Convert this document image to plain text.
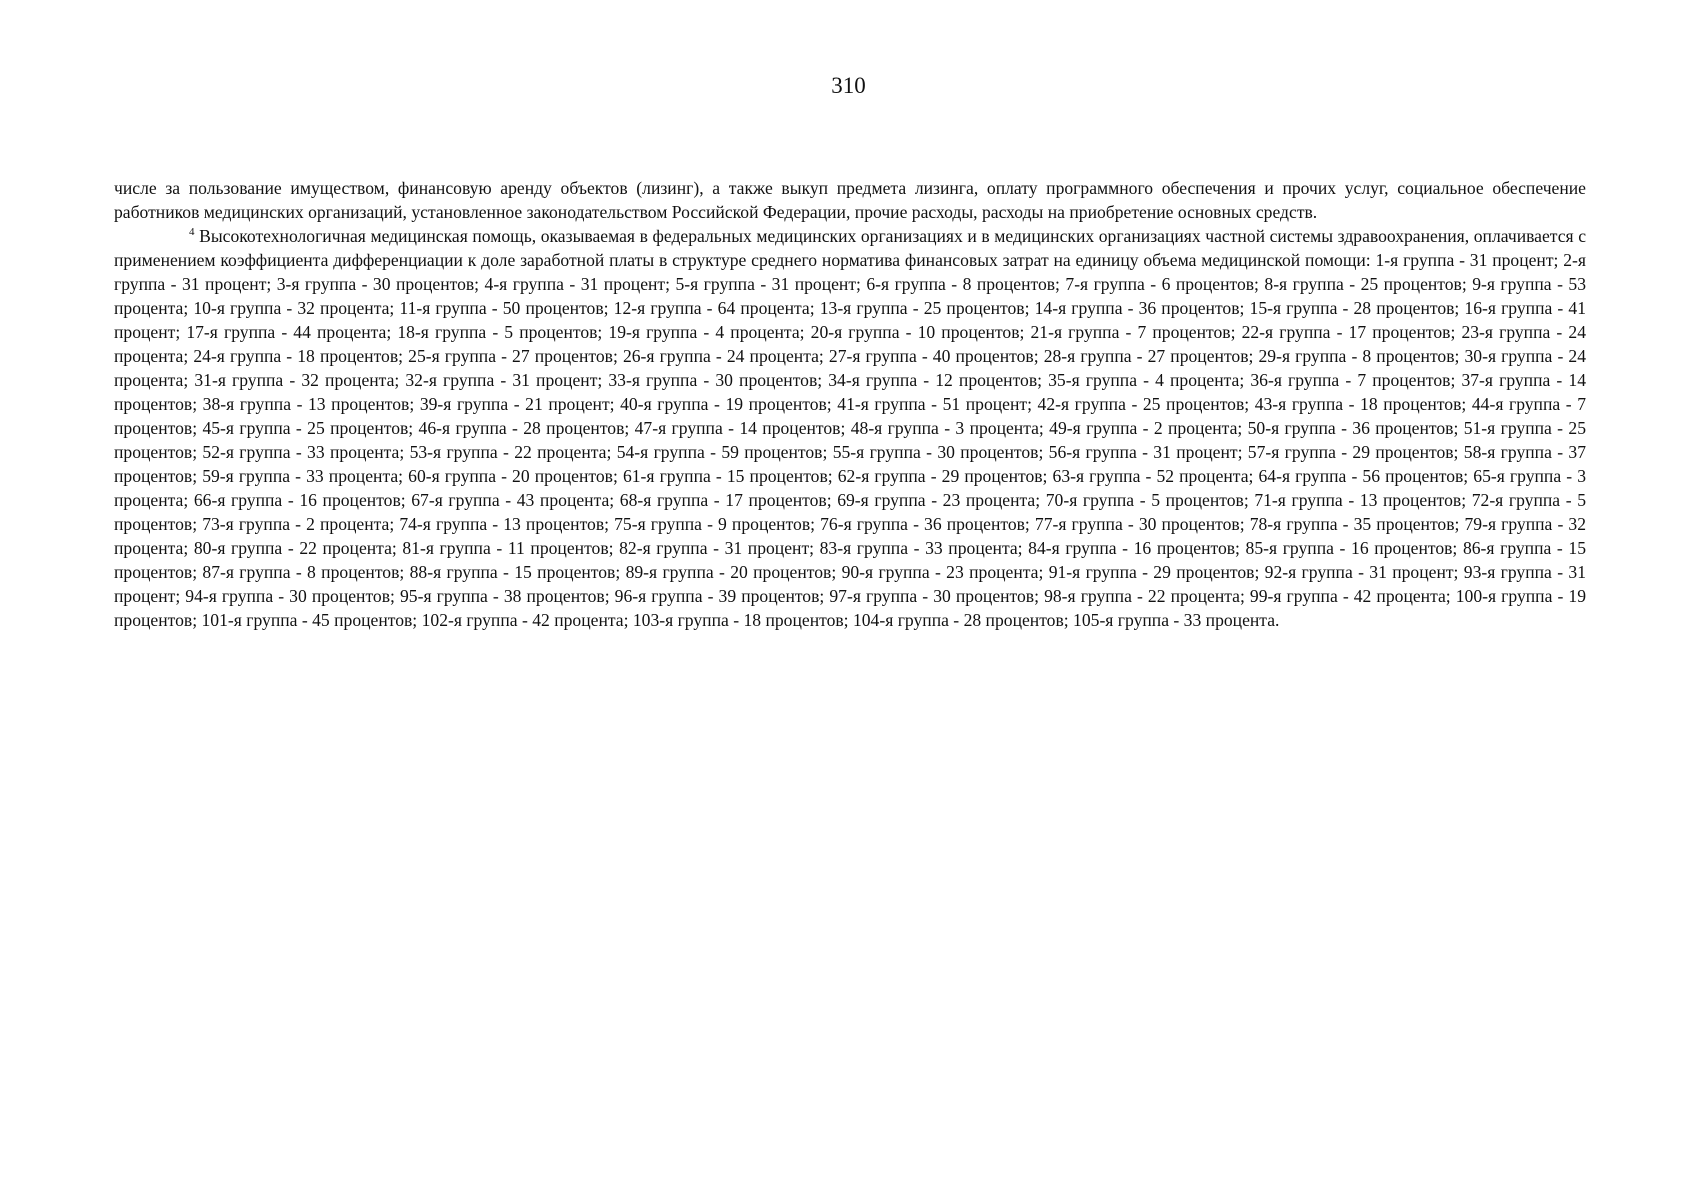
310

числе за пользование имуществом, финансовую аренду объектов (лизинг), а также выкуп предмета лизинга, оплату программного обеспечения и прочих услуг, социальное обеспечение работников медицинских организаций, установленное законодательством Российской Федерации, прочие расходы, расходы на приобретение основных средств.

$^4$ Высокотехнологичная медицинская помощь, оказываемая в федеральных медицинских организациях и в медицинских организациях частной системы здравоохранения, оплачивается с применением коэффициента дифференциации к доле заработной платы в структуре среднего норматива финансовых затрат на единицу объема медицинской помощи: 1-я группа - 31 процент; 2-я группа - 31 процент; 3-я группа - 30 процентов; 4-я группа - 31 процент; 5-я группа - 31 процент; 6-я группа - 8 процентов; 7-я группа - 6 процентов; 8-я группа - 25 процентов; 9-я группа - 53 процента; 10-я группа - 32 процента; 11-я группа - 50 процентов; 12-я группа - 64 процента; 13-я группа - 25 процентов; 14-я группа - 36 процентов; 15-я группа - 28 процентов; 16-я группа - 41 процент; 17-я группа - 44 процента; 18-я группа - 5 процентов; 19-я группа - 4 процента; 20-я группа - 10 процентов; 21-я группа - 7 процентов; 22-я группа - 17 процентов; 23-я группа - 24 процента; 24-я группа - 18 процентов; 25-я группа - 27 процентов; 26-я группа - 24 процента; 27-я группа - 40 процентов; 28-я группа - 27 процентов; 29-я группа - 8 процентов; 30-я группа - 24 процента; 31-я группа - 32 процента; 32-я группа - 31 процент; 33-я группа - 30 процентов; 34-я группа - 12 процентов; 35-я группа - 4 процента; 36-я группа - 7 процентов; 37-я группа - 14 процентов; 38-я группа - 13 процентов; 39-я группа - 21 процент; 40-я группа - 19 процентов; 41-я группа - 51 процент; 42-я группа - 25 процентов; 43-я группа - 18 процентов; 44-я группа - 7 процентов; 45-я группа - 25 процентов; 46-я группа - 28 процентов; 47-я группа - 14 процентов; 48-я группа - 3 процента; 49-я группа - 2 процента; 50-я группа - 36 процентов; 51-я группа - 25 процентов; 52-я группа - 33 процента; 53-я группа - 22 процента; 54-я группа - 59 процентов; 55-я группа - 30 процентов; 56-я группа - 31 процент; 57-я группа - 29 процентов; 58-я группа - 37 процентов; 59-я группа - 33 процента; 60-я группа - 20 процентов; 61-я группа - 15 процентов; 62-я группа - 29 процентов; 63-я группа - 52 процента; 64-я группа - 56 процентов; 65-я группа - 3 процента; 66-я группа - 16 процентов; 67-я группа - 43 процента; 68-я группа - 17 процентов; 69-я группа - 23 процента; 70-я группа - 5 процентов; 71-я группа - 13 процентов; 72-я группа - 5 процентов; 73-я группа - 2 процента; 74-я группа - 13 процентов; 75-я группа - 9 процентов; 76-я группа - 36 процентов; 77-я группа - 30 процентов; 78-я группа - 35 процентов; 79-я группа - 32 процента; 80-я группа - 22 процента; 81-я группа - 11 процентов; 82-я группа - 31 процент; 83-я группа - 33 процента; 84-я группа - 16 процентов; 85-я группа - 16 процентов; 86-я группа - 15 процентов; 87-я группа - 8 процентов; 88-я группа - 15 процентов; 89-я группа - 20 процентов; 90-я группа - 23 процента; 91-я группа - 29 процентов; 92-я группа - 31 процент; 93-я группа - 31 процент; 94-я группа - 30 процентов; 95-я группа - 38 процентов; 96-я группа - 39 процентов; 97-я группа - 30 процентов; 98-я группа - 22 процента; 99-я группа - 42 процента; 100-я группа - 19 процентов; 101-я группа - 45 процентов; 102-я группа - 42 процента; 103-я группа - 18 процентов; 104-я группа - 28 процентов; 105-я группа - 33 процента.
